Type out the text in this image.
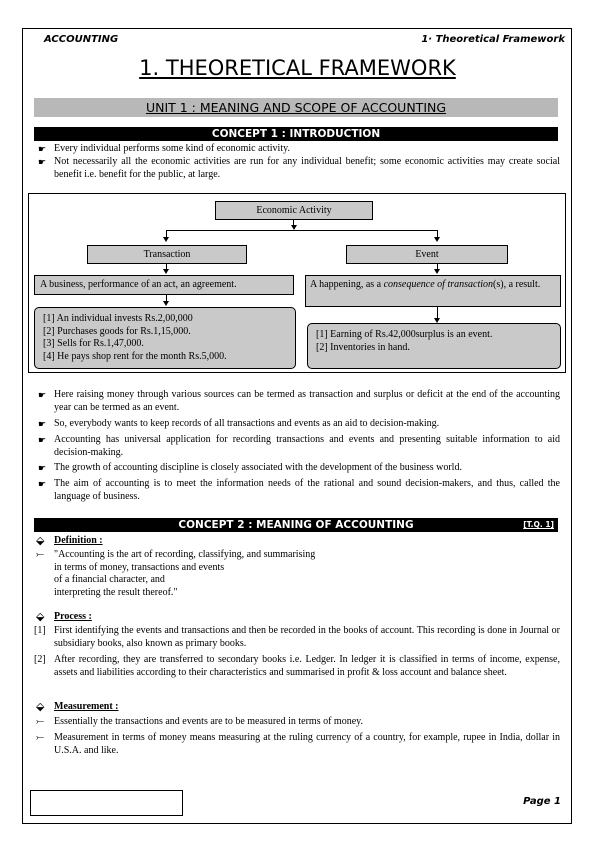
ACCOUNTING	1· Theoretical Framework
1. THEORETICAL FRAMEWORK
UNIT 1 : MEANING AND SCOPE OF ACCOUNTING
CONCEPT 1 : INTRODUCTION
☛ Every individual performs some kind of economic activity.
☛ Not necessarily all the economic activities are run for any individual benefit; some economic activities may create social benefit i.e. benefit for the public, at large.
Economic Activity
Transaction	Event
A business, performance of an act, an agreement.	A happening, as a consequence of transaction(s), a result.
[1] An individual invests Rs.2,00,000
[2] Purchases goods for Rs.1,15,000.
[3] Sells for Rs.1,47,000.
[4] He pays shop rent for the month Rs.5,000.
[1] Earning of Rs.42,000surplus is an event.
[2] Inventories in hand.
☛ Here raising money through various sources can be termed as transaction and surplus or deficit at the end of the accounting year can be termed as an event.
☛ So, everybody wants to keep records of all transactions and events as an aid to decision-making.
☛ Accounting has universal application for recording transactions and events and presenting suitable information to aid decision-making.
☛ The growth of accounting discipline is closely associated with the development of the business world.
☛ The aim of accounting is to meet the information needs of the rational and sound decision-makers, and thus, called the language of business.
CONCEPT 2 : MEANING OF ACCOUNTING	[T.Q. 1]
⬙ Definition :
⤚ "Accounting is the art of recording, classifying, and summarising
in terms of money, transactions and events
of a financial character, and
interpreting the result thereof."
⬙ Process :
[1] First identifying the events and transactions and then be recorded in the books of account. This recording is done in Journal or subsidiary books, also known as primary books.
[2] After recording, they are transferred to secondary books i.e. Ledger. In ledger it is classified in terms of income, expense, assets and liabilities according to their characteristics and summarised in profit & loss account and balance sheet.
⬙ Measurement :
⤚ Essentially the transactions and events are to be measured in terms of money.
⤚ Measurement in terms of money means measuring at the ruling currency of a country, for example, rupee in India, dollar in U.S.A. and like.
Page 1
